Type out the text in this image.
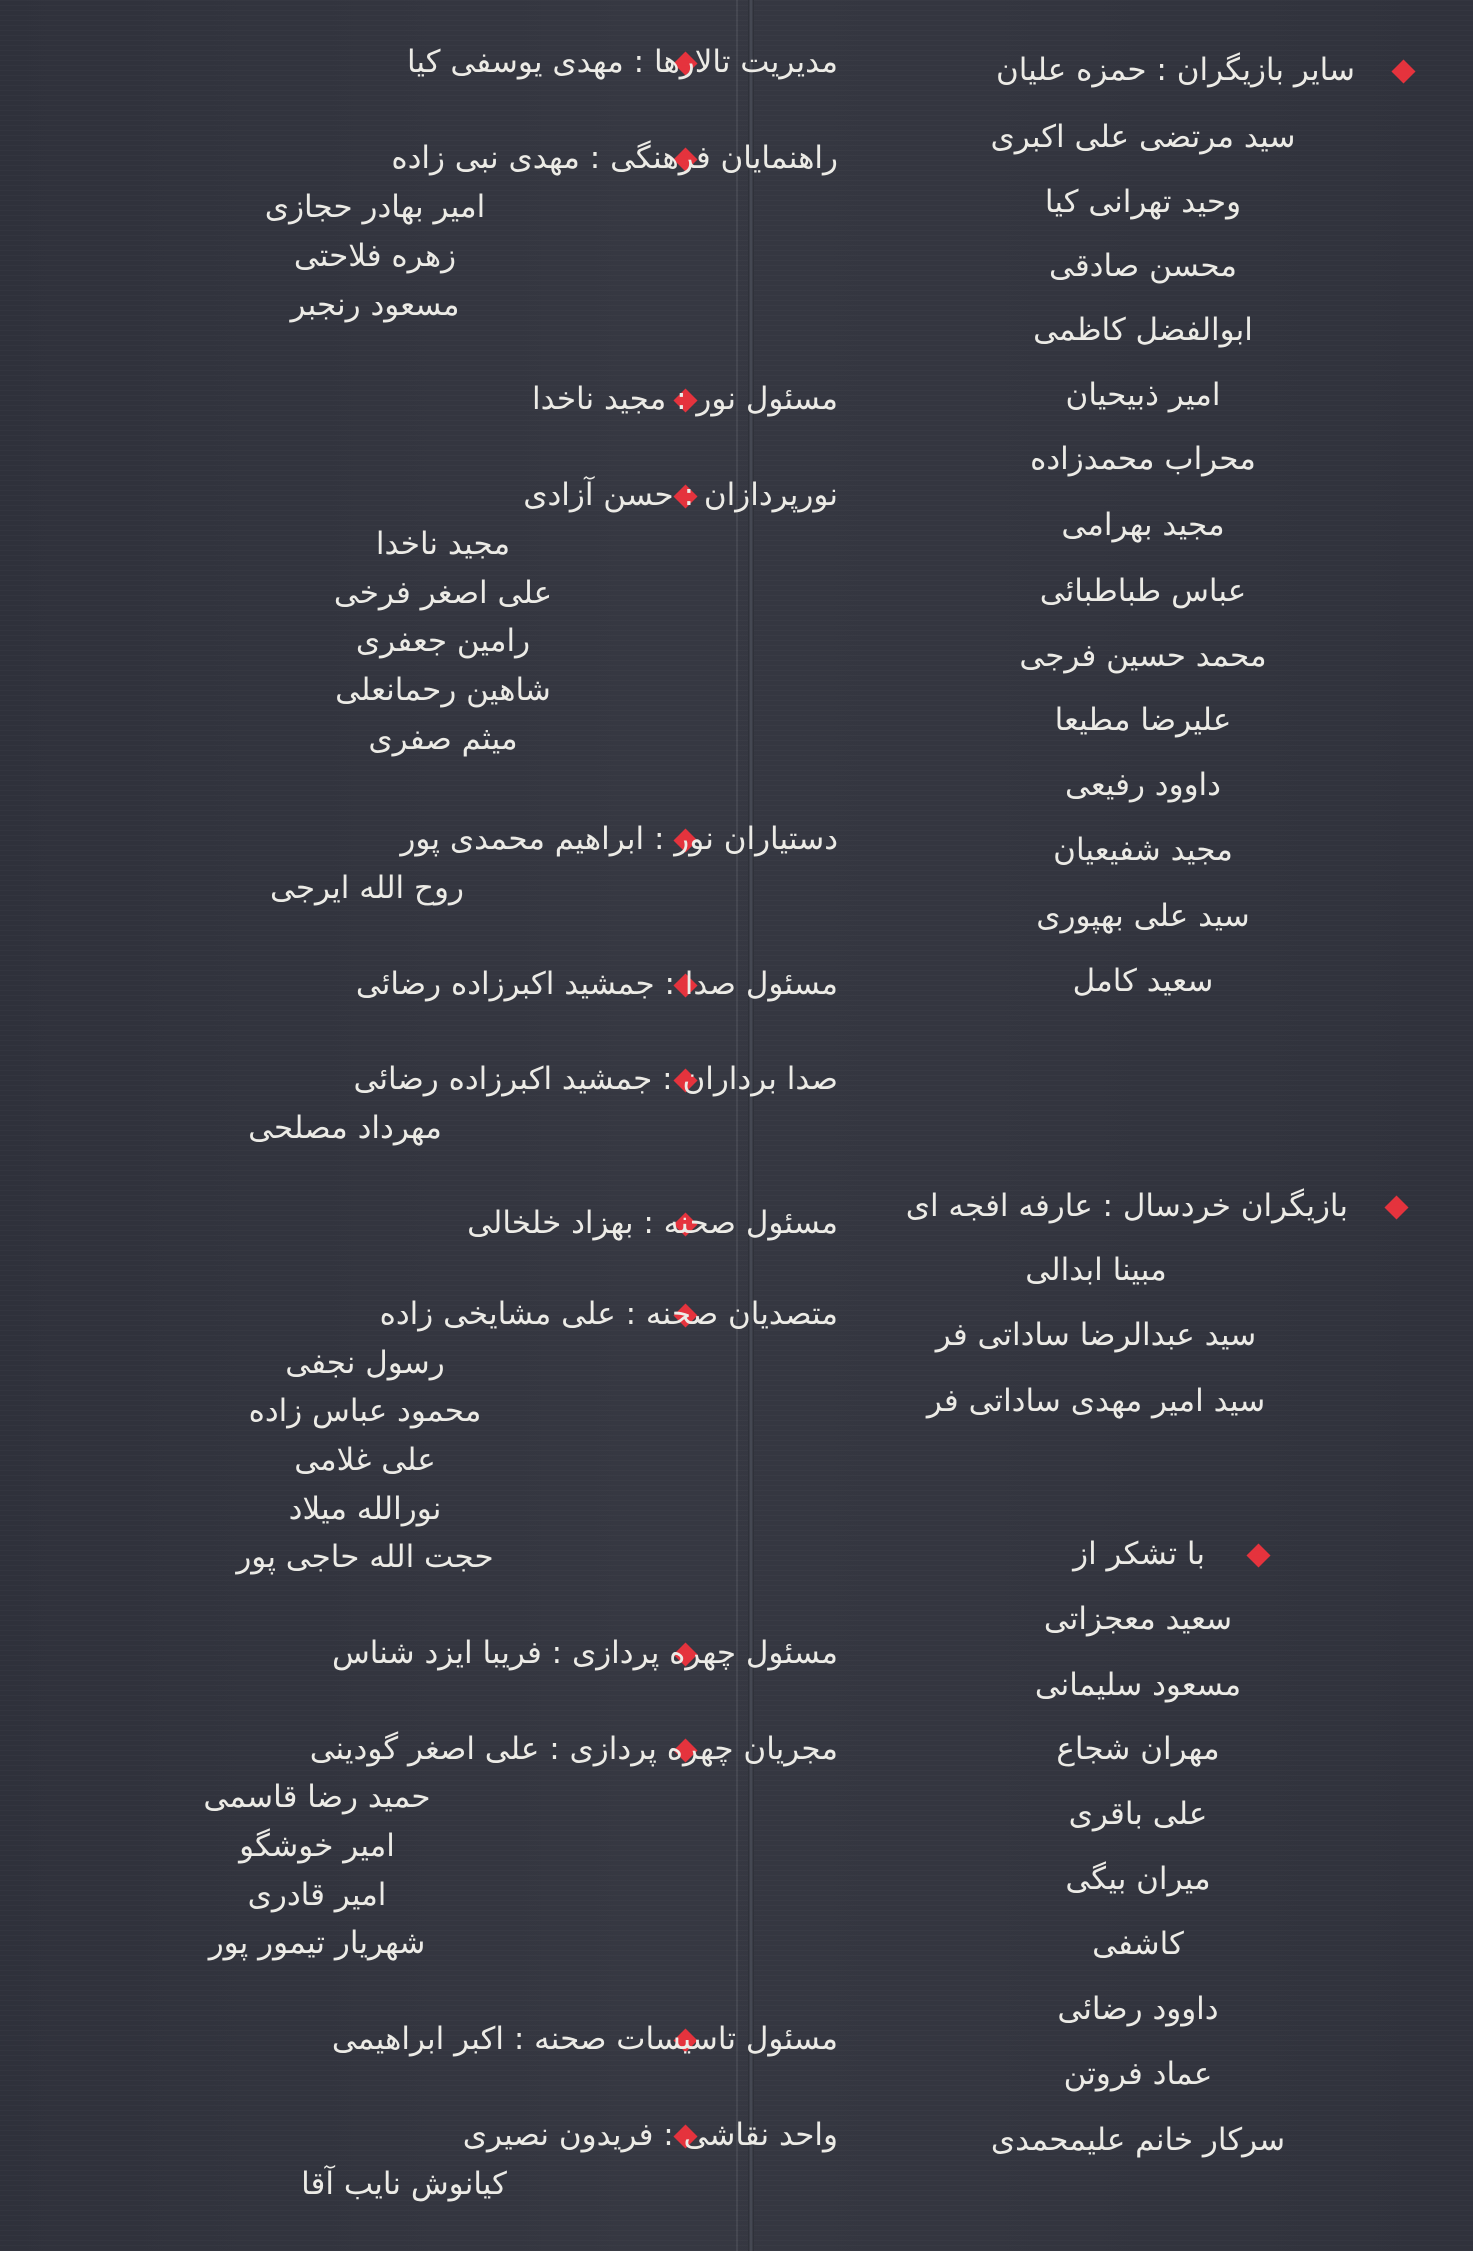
مدیریت تالارها : مهدی یوسفی کیا
راهنمایان فرهنگی : مهدی نبی زاده
امیر بهادر حجازی
زهره فلاحتی
مسعود رنجبر
مسئول نور : مجید ناخدا
نورپردازان : حسن آزادی
مجید ناخدا
علی اصغر فرخی
رامین جعفری
شاهین رحمانعلی
میثم صفری
دستیاران نور : ابراهیم محمدی پور
روح الله ایرجی
مسئول صدا : جمشید اکبرزاده رضائی
صدا برداران : جمشید اکبرزاده رضائی
مهرداد مصلحی
مسئول صحنه : بهزاد خلخالی
متصدیان صحنه : علی مشایخی زاده
رسول نجفی
محمود عباس زاده
علی غلامی
نورالله میلاد
حجت الله حاجی پور
مسئول چهره پردازی : فریبا ایزد شناس
مجریان چهره پردازی : علی اصغر گودینی
حمید رضا قاسمی
امیر خوشگو
امیر قادری
شهریار تیمور پور
مسئول تاسیسات صحنه : اکبر ابراهیمی
واحد نقاشی : فریدون نصیری
کیانوش نایب آقا
سایر بازیگران : حمزه علیان
سید مرتضی علی اکبری
وحید تهرانی کیا
محسن صادقی
ابوالفضل کاظمی
امیر ذبیحیان
محراب محمدزاده
مجید بهرامی
عباس طباطبائی
محمد حسین فرجی
علیرضا مطیعا
داوود رفیعی
مجید شفیعیان
سید علی بهپوری
سعید کامل
بازیگران خردسال : عارفه افجه ای
مبینا ابدالی
سید عبدالرضا ساداتی فر
سید امیر مهدی ساداتی فر
با تشکر از
سعید معجزاتی
مسعود سلیمانی
مهران شجاع
علی باقری
میران بیگی
کاشفی
داوود رضائی
عماد فروتن
سرکار خانم علیمحمدی
